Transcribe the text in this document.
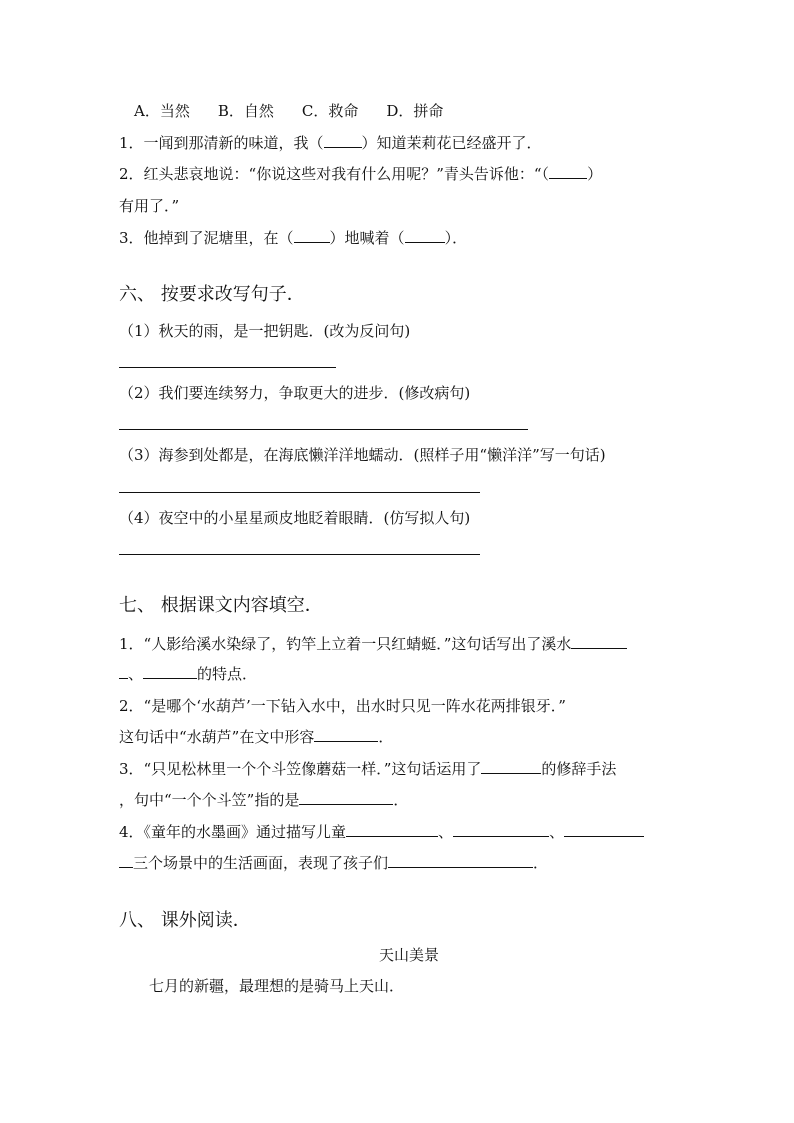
A．当然 B．自然 C．救命 D．拼命
1．一闻到那清新的味道，我（	）知道茉莉花已经盛开了．
2．红头悲哀地说：“你说这些对我有什么用呢？”青头告诉他：“（	）
有用了．”
3．他掉到了泥塘里，在（ ）地喊着（	）．
六、 按要求改写句子．
（1）秋天的雨，是一把钥匙．(改为反问句)
（2）我们要连续努力，争取更大的进步．(修改病句)
（3）海参到处都是，在海底懒洋洋地蠕动．(照样子用“懒洋洋”写一句话)
（4）夜空中的小星星顽皮地眨着眼睛．(仿写拟人句)
七、 根据课文内容填空．
1．“人影给溪水染绿了，钓竿上立着一只红蜻蜓．”这句话写出了溪水
、	的特点．
2．“是哪个‘水葫芦’一下钻入水中，出水时只见一阵水花两排银牙．”
这句话中“水葫芦”在文中形容	．
3．“只见松林里一个个斗笠像蘑菇一样．”这句话运用了	的修辞手法
，句中“一个个斗笠”指的是	．
4．《童年的水墨画》通过描写儿童	、	、
三个场景中的生活画面，表现了孩子们	．
八、 课外阅读．
天山美景
七月的新疆，最理想的是骑马上天山．
